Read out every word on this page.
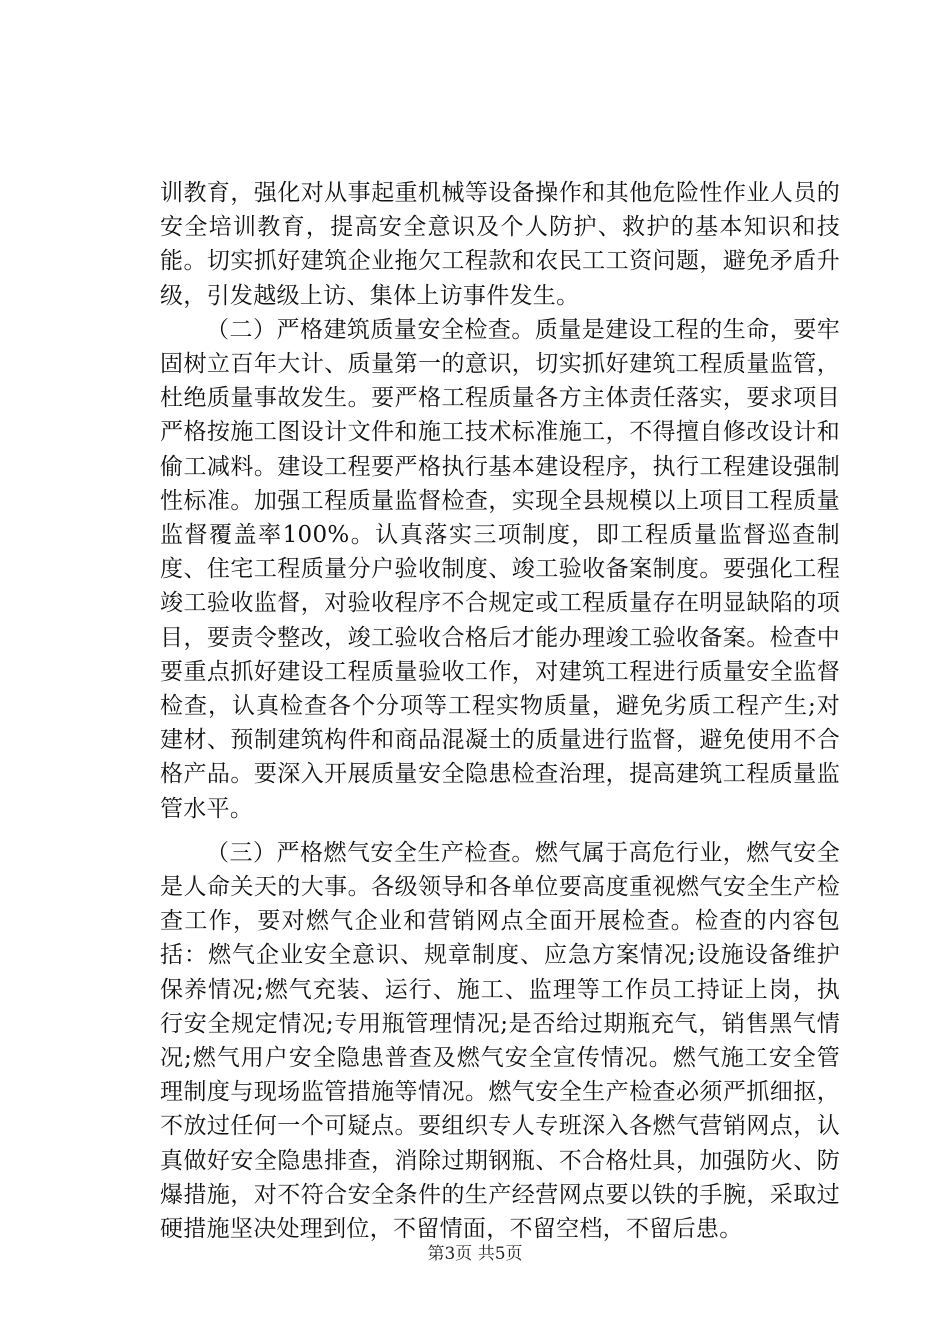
训教育，强化对从事起重机械等设备操作和其他危险性作业人员的安全培训教育，提高安全意识及个人防护、救护的基本知识和技能。切实抓好建筑企业拖欠工程款和农民工工资问题，避免矛盾升级，引发越级上访、集体上访事件发生。

（二）严格建筑质量安全检查。质量是建设工程的生命，要牢固树立百年大计、质量第一的意识，切实抓好建筑工程质量监管，杜绝质量事故发生。要严格工程质量各方主体责任落实，要求项目严格按施工图设计文件和施工技术标准施工，不得擅自修改设计和偷工减料。建设工程要严格执行基本建设程序，执行工程建设强制性标准。加强工程质量监督检查，实现全县规模以上项目工程质量监督覆盖率100%。认真落实三项制度，即工程质量监督巡查制度、住宅工程质量分户验收制度、竣工验收备案制度。要强化工程竣工验收监督，对验收程序不合规定或工程质量存在明显缺陷的项目，要责令整改，竣工验收合格后才能办理竣工验收备案。检查中要重点抓好建设工程质量验收工作，对建筑工程进行质量安全监督检查，认真检查各个分项等工程实物质量，避免劣质工程产生;对建材、预制建筑构件和商品混凝土的质量进行监督，避免使用不合格产品。要深入开展质量安全隐患检查治理，提高建筑工程质量监管水平。

（三）严格燃气安全生产检查。燃气属于高危行业，燃气安全是人命关天的大事。各级领导和各单位要高度重视燃气安全生产检查工作，要对燃气企业和营销网点全面开展检查。检查的内容包括：燃气企业安全意识、规章制度、应急方案情况;设施设备维护保养情况;燃气充装、运行、施工、监理等工作员工持证上岗，执行安全规定情况;专用瓶管理情况;是否给过期瓶充气，销售黑气情况;燃气用户安全隐患普查及燃气安全宣传情况。燃气施工安全管理制度与现场监管措施等情况。燃气安全生产检查必须严抓细抠，不放过任何一个可疑点。要组织专人专班深入各燃气营销网点，认真做好安全隐患排查，消除过期钢瓶、不合格灶具，加强防火、防爆措施，对不符合安全条件的生产经营网点要以铁的手腕，采取过硬措施坚决处理到位，不留情面，不留空档，不留后患。

第3页 共5页
